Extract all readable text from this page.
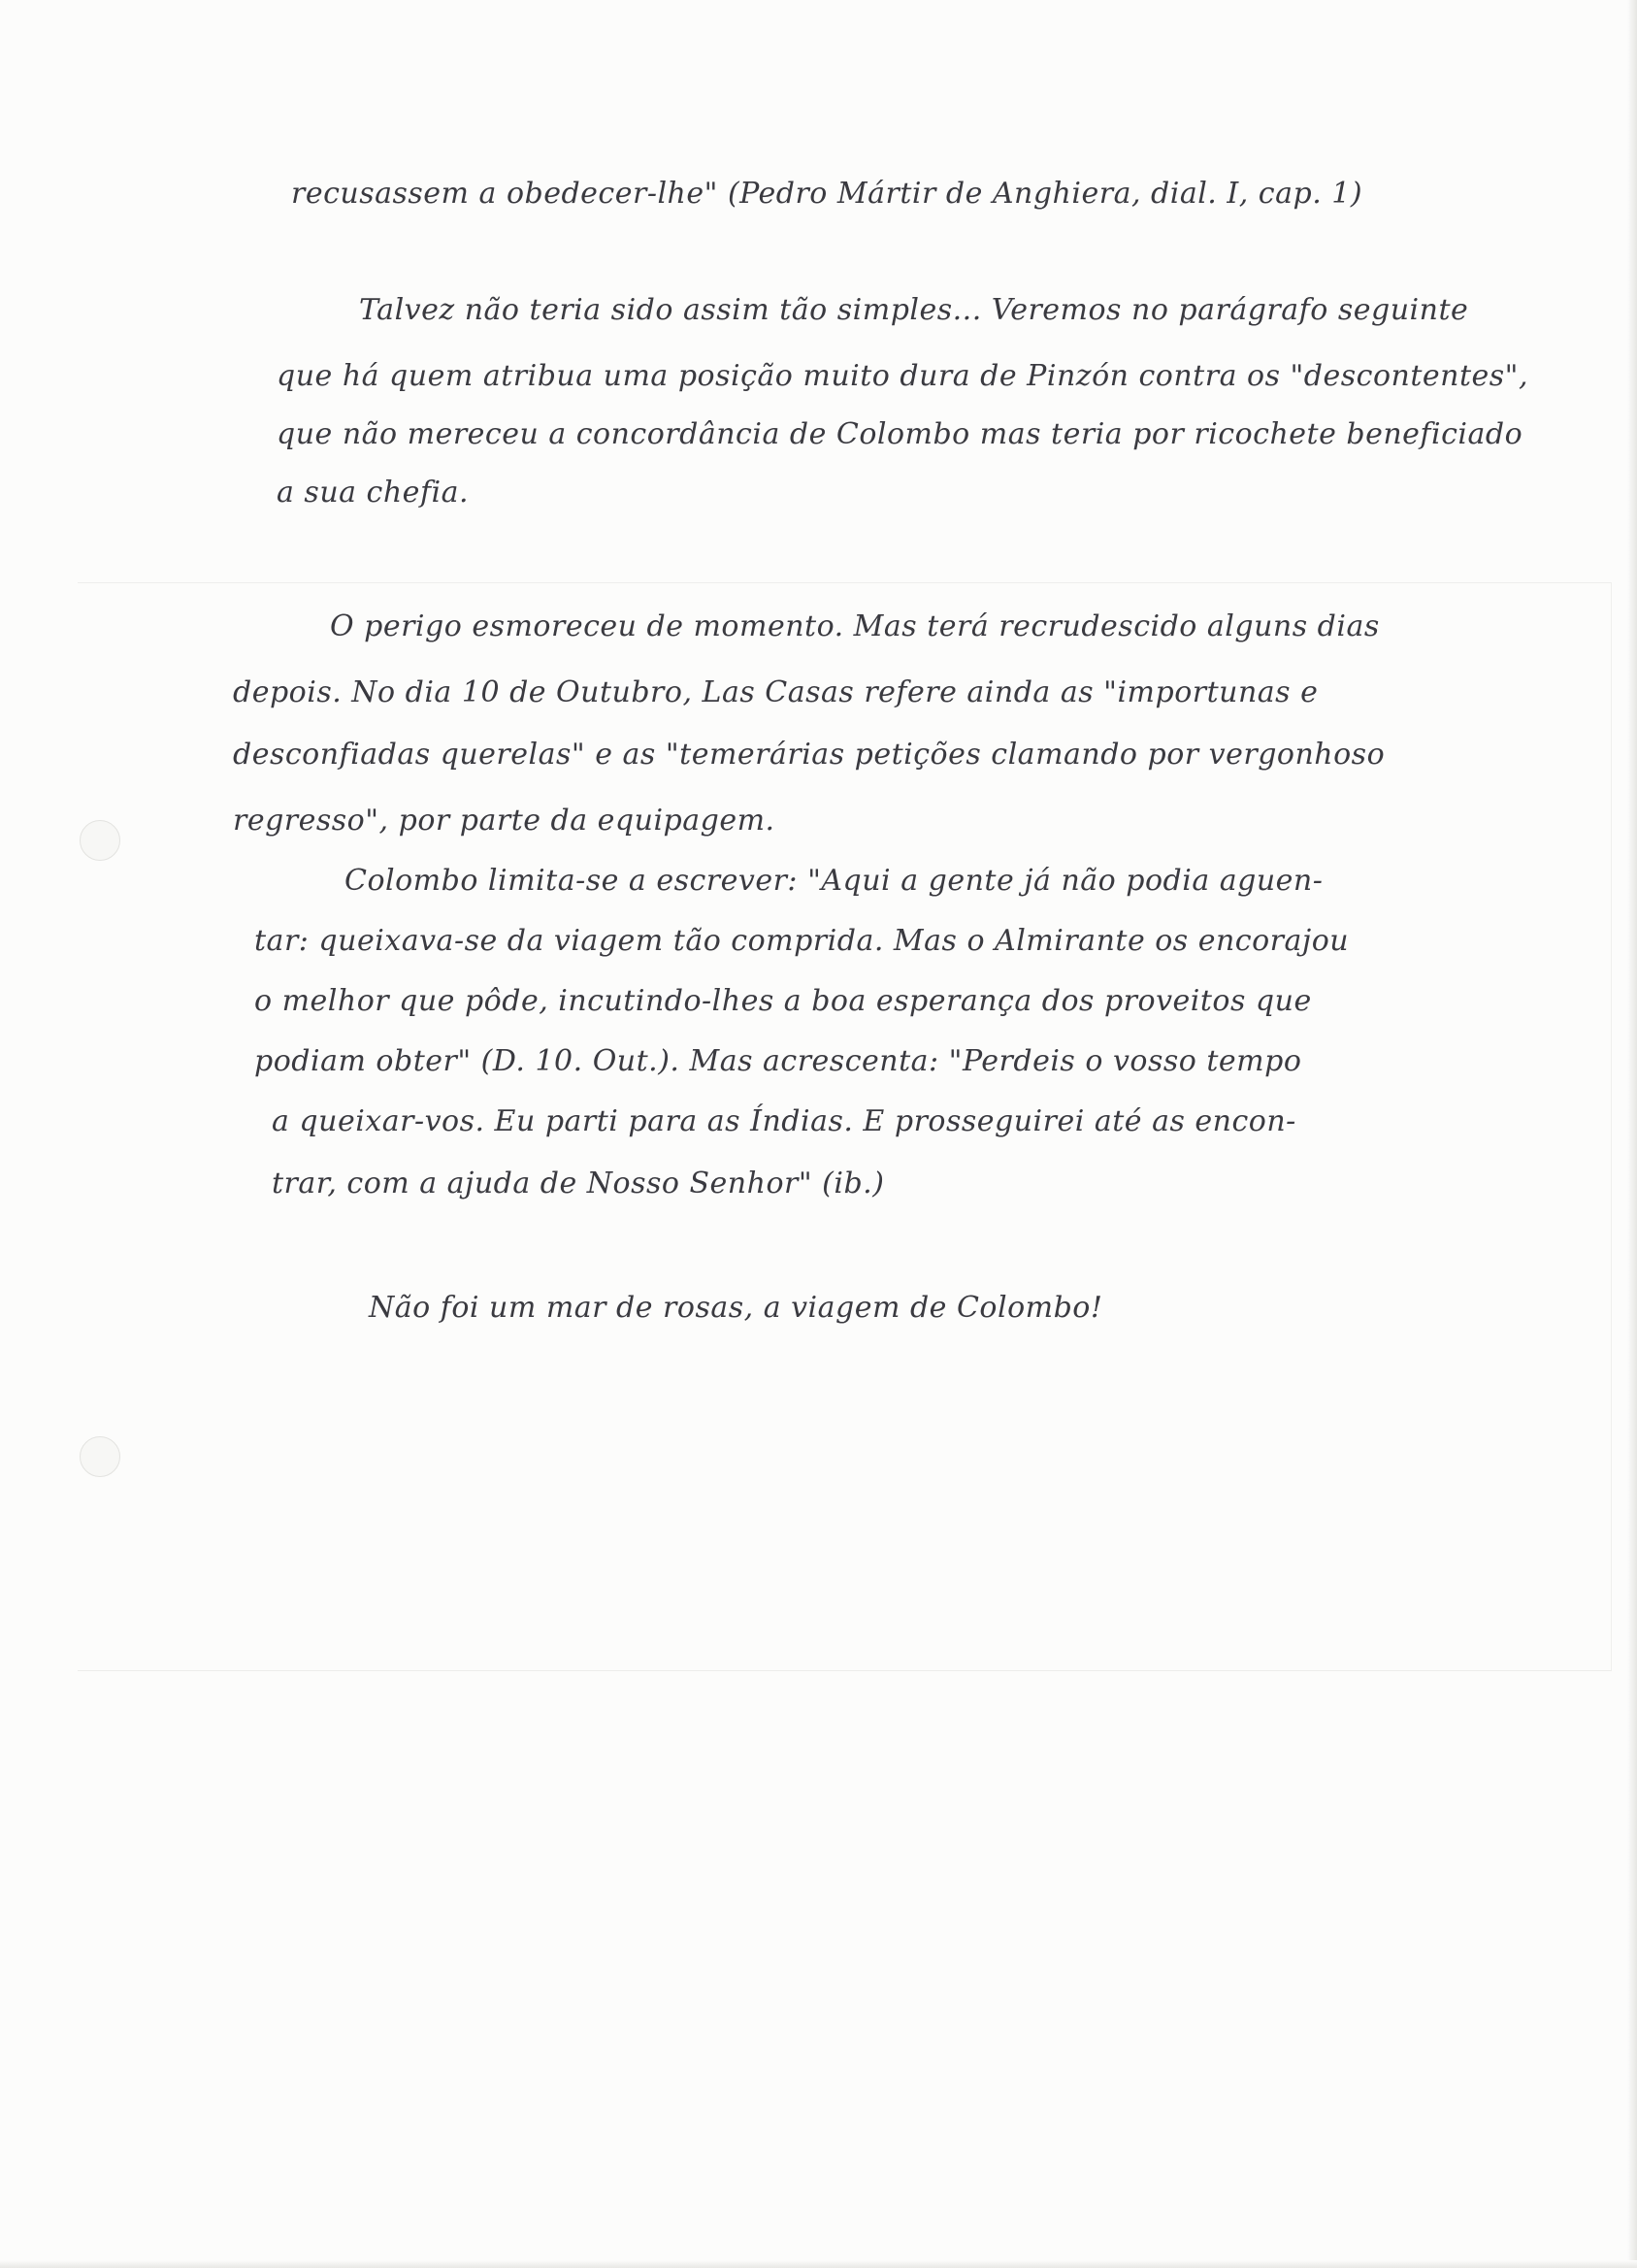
recusassem a obedecer-lhe" (Pedro Mártir de Anghiera, dial. I, cap. 1)
Talvez não teria sido assim tão simples... Veremos no parágrafo seguinte
que há quem atribua uma posição muito dura de Pinzón contra os "descontentes",
que não mereceu a concordância de Colombo mas teria por ricochete beneficiado
a sua chefia.
O perigo esmoreceu de momento. Mas terá recrudescido alguns dias
depois. No dia 10 de Outubro, Las Casas refere ainda as "importunas e
desconfiadas querelas" e as "temerárias petições clamando por vergonhoso
regresso", por parte da equipagem.
Colombo limita-se a escrever: "Aqui a gente já não podia aguen-
tar: queixava-se da viagem tão comprida. Mas o Almirante os encorajou
o melhor que pôde, incutindo-lhes a boa esperança dos proveitos que
podiam obter" (D. 10. Out.). Mas acrescenta: "Perdeis o vosso tempo
a queixar-vos. Eu parti para as Índias. E prosseguirei até as encon-
trar, com a ajuda de Nosso Senhor" (ib.)
Não foi um mar de rosas, a viagem de Colombo!
